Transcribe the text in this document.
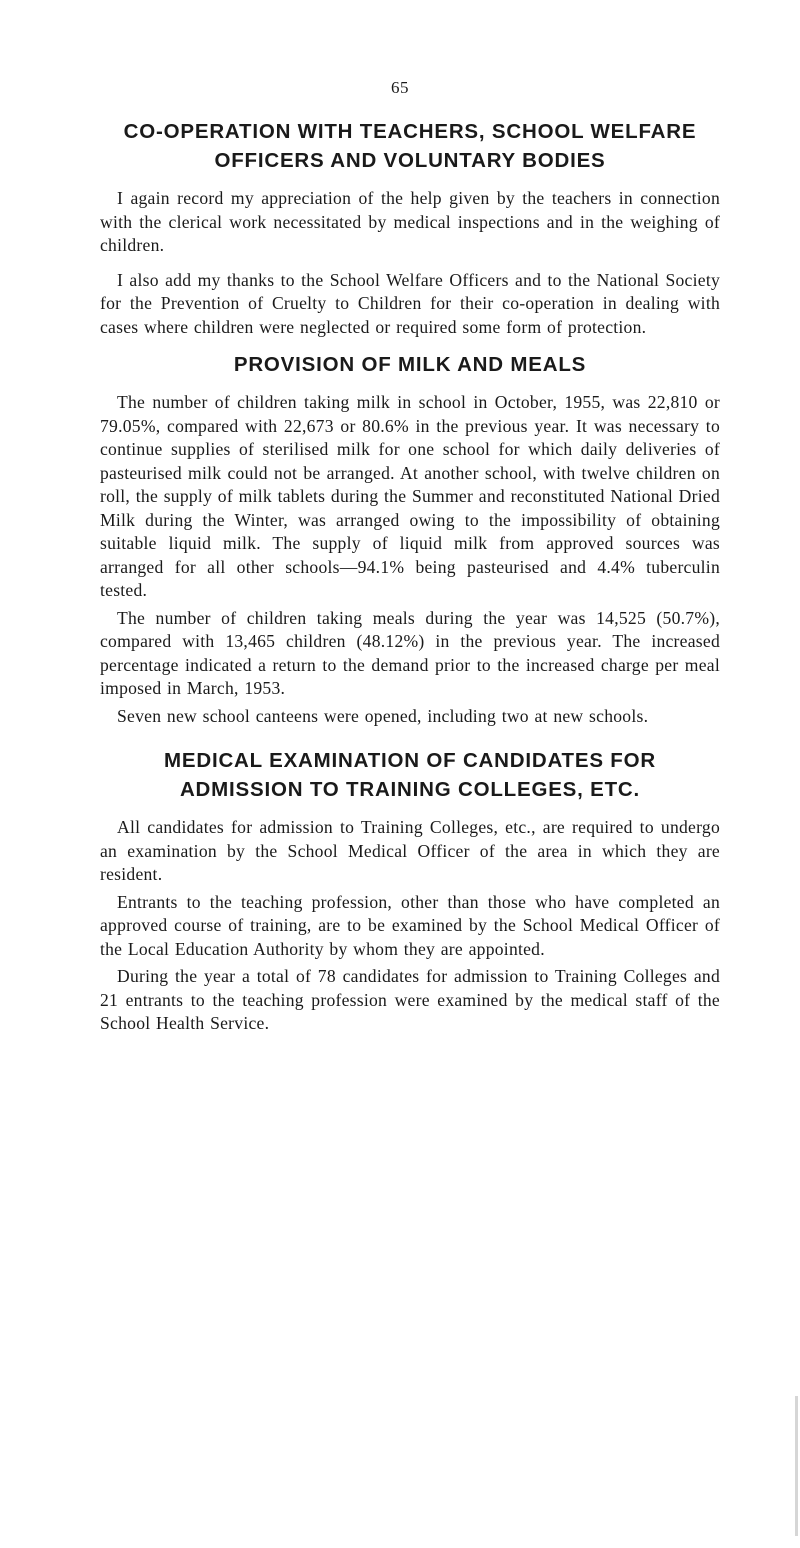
65
CO-OPERATION WITH TEACHERS, SCHOOL WELFARE OFFICERS AND VOLUNTARY BODIES

I again record my appreciation of the help given by the teachers in connection with the clerical work necessitated by medical inspections and in the weighing of children.

I also add my thanks to the School Welfare Officers and to the National Society for the Prevention of Cruelty to Children for their co-operation in dealing with cases where children were neglected or required some form of protection.

PROVISION OF MILK AND MEALS

The number of children taking milk in school in October, 1955, was 22,810 or 79.05%, compared with 22,673 or 80.6% in the previous year. It was necessary to continue supplies of sterilised milk for one school for which daily deliveries of pasteurised milk could not be arranged. At another school, with twelve children on roll, the supply of milk tablets during the Summer and reconstituted National Dried Milk during the Winter, was arranged owing to the impossibility of obtaining suitable liquid milk. The supply of liquid milk from approved sources was arranged for all other schools—94.1% being pasteurised and 4.4% tuberculin tested.

The number of children taking meals during the year was 14,525 (50.7%), compared with 13,465 children (48.12%) in the previous year. The increased percentage indicated a return to the demand prior to the increased charge per meal imposed in March, 1953.

Seven new school canteens were opened, including two at new schools.

MEDICAL EXAMINATION OF CANDIDATES FOR ADMISSION TO TRAINING COLLEGES, ETC.

All candidates for admission to Training Colleges, etc., are required to undergo an examination by the School Medical Officer of the area in which they are resident.

Entrants to the teaching profession, other than those who have completed an approved course of training, are to be examined by the School Medical Officer of the Local Education Authority by whom they are appointed.

During the year a total of 78 candidates for admission to Training Colleges and 21 entrants to the teaching profession were examined by the medical staff of the School Health Service.
